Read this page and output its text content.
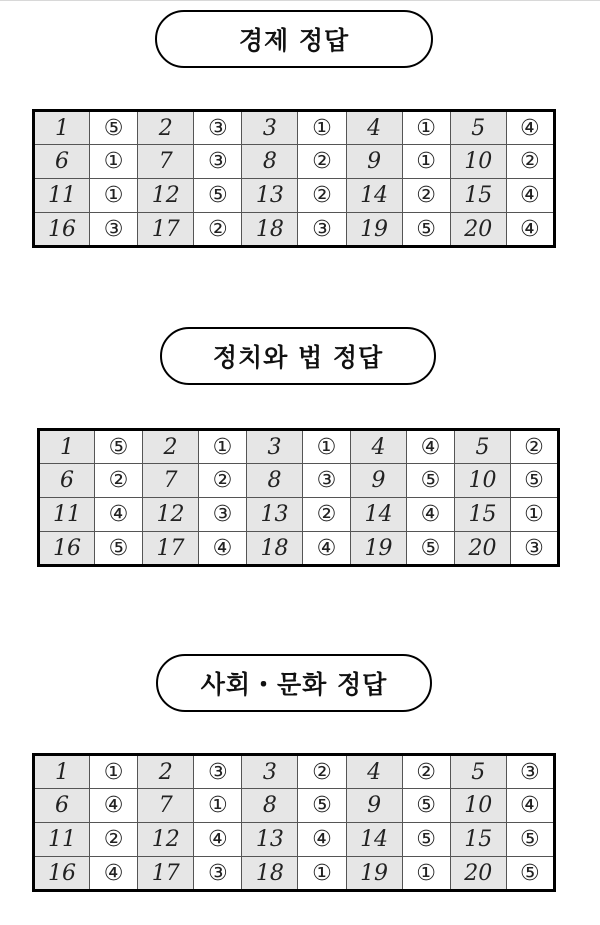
경제 정답
1	⑤	2	③	3	①	4	①	5	④
6	①	7	③	8	②	9	①	10	②
11	①	12	⑤	13	②	14	②	15	④
16	③	17	②	18	③	19	⑤	20	④
정치와 법 정답
1	⑤	2	①	3	①	4	④	5	②
6	②	7	②	8	③	9	⑤	10	⑤
11	④	12	③	13	②	14	④	15	①
16	⑤	17	④	18	④	19	⑤	20	③
사회・문화 정답
1	①	2	③	3	②	4	②	5	③
6	④	7	①	8	⑤	9	⑤	10	④
11	②	12	④	13	④	14	⑤	15	⑤
16	④	17	③	18	①	19	①	20	⑤
